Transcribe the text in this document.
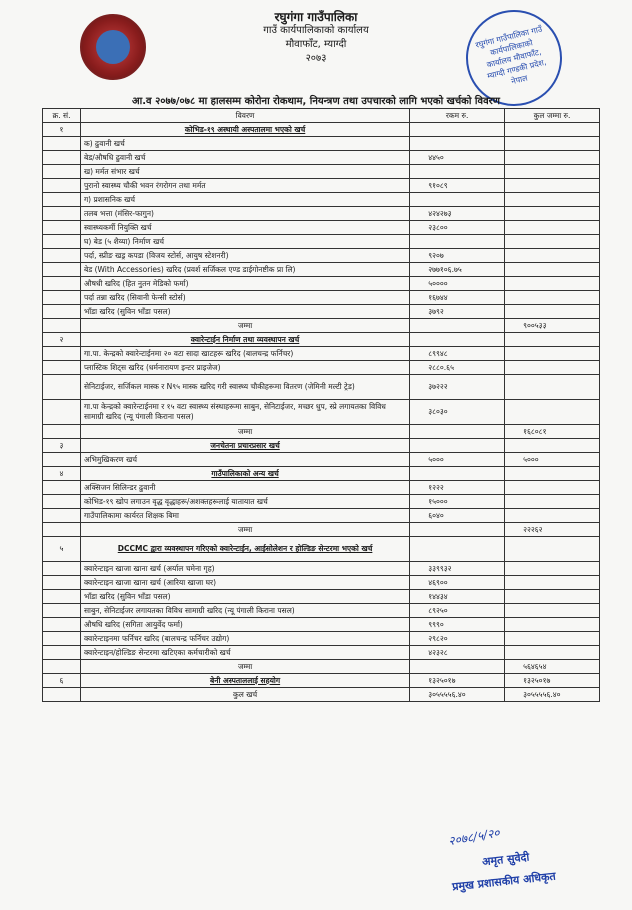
रघुगंगा गाउँपालिका
गाउँ कार्यपालिकाको कार्यालय
मौवाफाँट, म्याग्दी
२०७३
रघुगंगा गाउँपालिका गाउँ कार्यपालिकाको कार्यालय मौवाफाँट, म्याग्दी गण्डकी प्रदेश, नेपाल
आ.व २०७७/०७८ मा हालसम्म कोरोना रोकथाम, नियन्त्रण तथा उपचारको लागि भएको खर्चको विवरण
क्र. सं.	विवरण	रकम रु.	कुल जम्मा रु.
१	कोभिड-१९ अस्थायी अस्पतालमा भएको खर्च		
	क) ढुवानी खर्च		
	बेड/औषधि ढुवानी खर्च	४४५०	
	ख) मर्मत संभार खर्च		
	पुरानो स्वास्थ्य चौकी भवन रंगरोगन तथा मर्मत	९१०८९	
	ग) प्रशासनिक खर्च		
	तलब भत्ता (मंसिर-फागुन)	४२४२७३	
	स्वास्थ्यकर्मी नियुक्ति खर्च	२३८००	
	घ) बेड (५ शैय्या) निर्माण खर्च		
	पर्दा, स्प्रीङ खड्र कपडा (विजय स्टोर्स, आयुष स्टेशनरी)	९२०७	
	बेड (With Accessories) खरिद (प्रवर्श सर्जिकल एण्ड डाईगोनष्टीक प्रा लि)	२७७१०६.७५	
	औषधी खरिद (हित नुतन मेडिको फर्मा)	५००००	
	पर्दा तन्ना खरिद (सिवानी फेन्सी स्टोर्स)	१६७४४	
	भाँडा खरिद (सुविन भाँडा पसल)	३७९२	
	जम्मा		९००५३३
२	क्वारेन्टाईन निर्माण तथा व्यवस्थापन खर्च		
	गा.पा. केन्द्रको क्वारेन्टाईनमा २० वटा सादा खाटहरू खरिद (बालचन्द्र फर्निचर)	८९९४८	
	प्लास्टिक शिट्स खरिद (धर्मनारायण इन्टर प्राइजेज)	२८८०.६५	
	सेनिटाईजर, सर्जिकल मास्क र N९५ मास्क खरिद गरी स्वास्थ्य चौकीहरूमा वितरण (जेमिनी मल्टी ट्रेड)	३७२२२	
	गा.पा केन्द्रको क्वारेन्टाईनमा र १५ वटा स्वास्थ्य संस्थाहरूमा साबुन, सेनिटाईजर, मच्छर धुप, स्प्रे लगायतका विविध सामाग्री खरिद (न्यू पंगाली किराना पसल)	३८०३०	
	जम्मा		१६८०८१
३	जनचेतना प्रचारप्रसार खर्च		
	अभिमुखिकरण खर्च	५०००	५०००
४	गाउँपालिकाको अन्य खर्च		
	अक्सिजन सिलिन्डर ढुवानी	१२२२	
	कोभिड-१९ खोप लगाउन वृद्ध वृद्धाहरू/अशक्तहरूलाई यातायात खर्च	१५०००	
	गाउँपालिकामा कार्यरत शिक्षक बिमा	६०४०	
	जम्मा		२२२६२
५	DCCMC द्वारा व्यवस्थापन गरिएको क्वारेन्टाईन, आईसोलेशन र होल्डिङ सेन्टरमा भएको खर्च		
	क्वारेन्टाइन खाजा खाना खर्च (अर्याल चमेना गृह)	३३९९३२	
	क्वारेन्टाइन खाजा खाना खर्च (आरिया खाजा घर)	४६९००	
	भाँडा खरिद (सुविन भाँडा पसल)	१४४३४	
	साबुन, सेनिटाईजर लगायतका विविध सामाग्री खरिद (न्यू पंगाली किराना पसल)	८९२५०	
	औषधि खरिद (सगिता आयुर्वेद फर्मा)	९९९०	
	क्वारेन्टाइनमा फर्निचर खरिद (बालचन्द्र फर्निचर उद्योग)	२९८२०	
	क्वारेन्टाइन/होल्डिङ सेन्टरमा खटिएका कर्मचारीको खर्च	४२३२८	
	जम्मा		५६४६५४
६	बेनी अस्पताललाई सहयोग	१३२५०१७	१३२५०१७
	कुल खर्च	३०५५५५६.४०	३०५५५५६.४०
२०७८/५/२०
अमृत सुवेदी
प्रमुख प्रशासकीय अधिकृत
